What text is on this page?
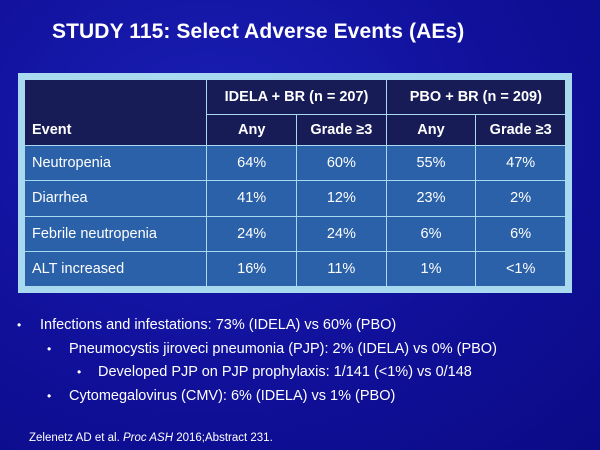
STUDY 115: Select Adverse Events (AEs)
Event	IDELA + BR (n = 207)		PBO + BR (n = 209)	
	Any	Grade ≥3	Any	Grade ≥3
Neutropenia	64%	60%	55%	47%
Diarrhea	41%	12%	23%	2%
Febrile neutropenia	24%	24%	6%	6%
ALT increased	16%	11%	1%	<1%
• Infections and infestations: 73% (IDELA) vs 60% (PBO)
• Pneumocystis jiroveci pneumonia (PJP): 2% (IDELA) vs 0% (PBO)
• Developed PJP on PJP prophylaxis: 1/141 (<1%) vs 0/148
• Cytomegalovirus (CMV): 6% (IDELA) vs 1% (PBO)
Zelenetz AD et al. Proc ASH 2016;Abstract 231.
